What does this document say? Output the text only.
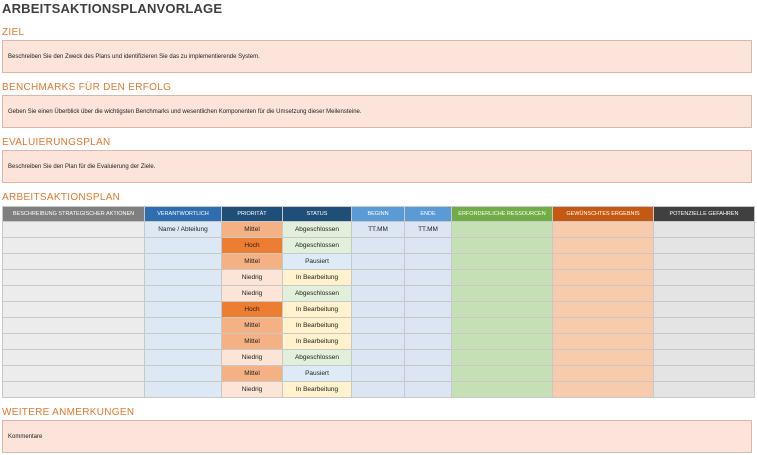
ARBEITSAKTIONSPLANVORLAGE
ZIEL
Beschreiben Sie den Zweck des Plans und identifizieren Sie das zu implementierende System.
BENCHMARKS FÜR DEN ERFOLG
Geben Sie einen Überblick über die wichtigsten Benchmarks und wesentlichen Komponenten für die Umsetzung dieser Meilensteine.
EVALUIERUNGSPLAN
Beschreiben Sie den Plan für die Evaluierung der Ziele.
ARBEITSAKTIONSPLAN
BESCHREIBUNG STRATEGISCHER AKTIONEN	VERANTWORTLICH	PRIORITÄT	STATUS	BEGINN	ENDE	ERFORDERLICHE RESSOURCEN	GEWÜNSCHTES ERGEBNIS	POTENZIELLE GEFAHREN
	Name / Abteilung	Mittel	Abgeschlossen	TT.MM	TT.MM			
		Hoch	Abgeschlossen					
		Mittel	Pausiert					
		Niedrig	In Bearbeitung					
		Niedrig	Abgeschlossen					
		Hoch	In Bearbeitung					
		Mittel	In Bearbeitung					
		Mittel	In Bearbeitung					
		Niedrig	Abgeschlossen					
		Mittel	Pausiert					
		Niedrig	In Bearbeitung					
WEITERE ANMERKUNGEN
Kommentare
